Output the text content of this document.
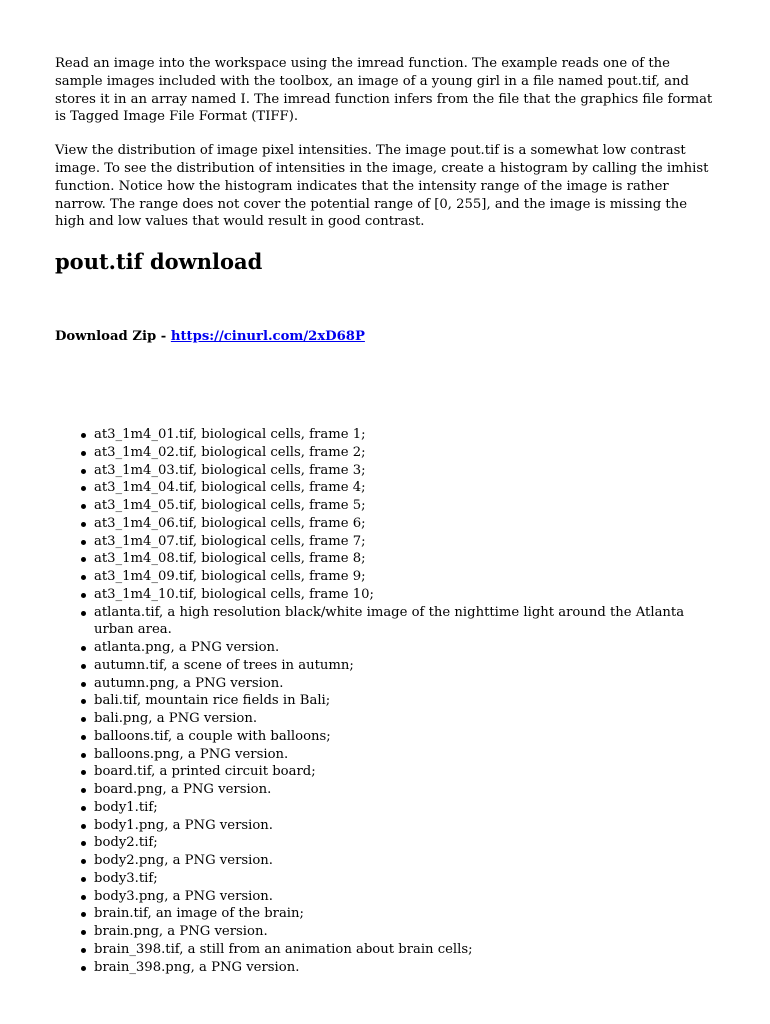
Read an image into the workspace using the imread function. The example reads one of the sample images included with the toolbox, an image of a young girl in a file named pout.tif, and stores it in an array named I. The imread function infers from the file that the graphics file format is Tagged Image File Format (TIFF).

View the distribution of image pixel intensities. The image pout.tif is a somewhat low contrast image. To see the distribution of intensities in the image, create a histogram by calling the imhist function. Notice how the histogram indicates that the intensity range of the image is rather narrow. The range does not cover the potential range of [0, 255], and the image is missing the high and low values that would result in good contrast.

pout.tif download
Download Zip - https://cinurl.com/2xD68P
at3_1m4_01.tif, biological cells, frame 1;
at3_1m4_02.tif, biological cells, frame 2;
at3_1m4_03.tif, biological cells, frame 3;
at3_1m4_04.tif, biological cells, frame 4;
at3_1m4_05.tif, biological cells, frame 5;
at3_1m4_06.tif, biological cells, frame 6;
at3_1m4_07.tif, biological cells, frame 7;
at3_1m4_08.tif, biological cells, frame 8;
at3_1m4_09.tif, biological cells, frame 9;
at3_1m4_10.tif, biological cells, frame 10;
atlanta.tif, a high resolution black/white image of the nighttime light around the Atlanta urban area.
atlanta.png, a PNG version.
autumn.tif, a scene of trees in autumn;
autumn.png, a PNG version.
bali.tif, mountain rice fields in Bali;
bali.png, a PNG version.
balloons.tif, a couple with balloons;
balloons.png, a PNG version.
board.tif, a printed circuit board;
board.png, a PNG version.
body1.tif;
body1.png, a PNG version.
body2.tif;
body2.png, a PNG version.
body3.tif;
body3.png, a PNG version.
brain.tif, an image of the brain;
brain.png, a PNG version.
brain_398.tif, a still from an animation about brain cells;
brain_398.png, a PNG version.
